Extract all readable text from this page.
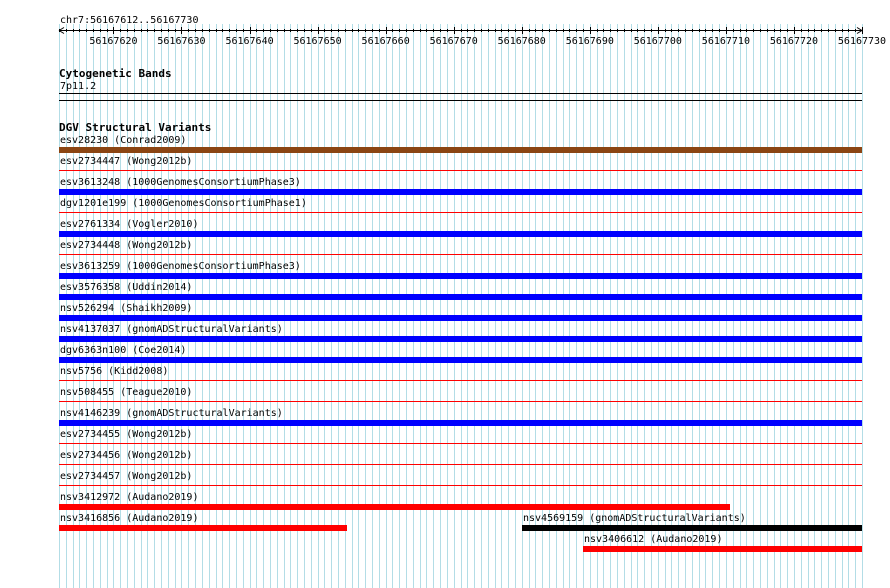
chr7:56167612..56167730
56167620 56167630 56167640 56167650 56167660 56167670 56167680 56167690 56167700 56167710 56167720 56167730
Cytogenetic Bands
7p11.2
DGV Structural Variants
esv28230 (Conrad2009)
esv2734447 (Wong2012b)
esv3613248 (1000GenomesConsortiumPhase3)
dgv1201e199 (1000GenomesConsortiumPhase1)
esv2761334 (Vogler2010)
esv2734448 (Wong2012b)
esv3613259 (1000GenomesConsortiumPhase3)
esv3576358 (Uddin2014)
nsv526294 (Shaikh2009)
nsv4137037 (gnomADStructuralVariants)
dgv6363n100 (Coe2014)
nsv5756 (Kidd2008)
nsv508455 (Teague2010)
nsv4146239 (gnomADStructuralVariants)
esv2734455 (Wong2012b)
esv2734456 (Wong2012b)
esv2734457 (Wong2012b)
nsv3412972 (Audano2019)
nsv3416856 (Audano2019)	nsv4569159 (gnomADStructuralVariants)
nsv3406612 (Audano2019)
